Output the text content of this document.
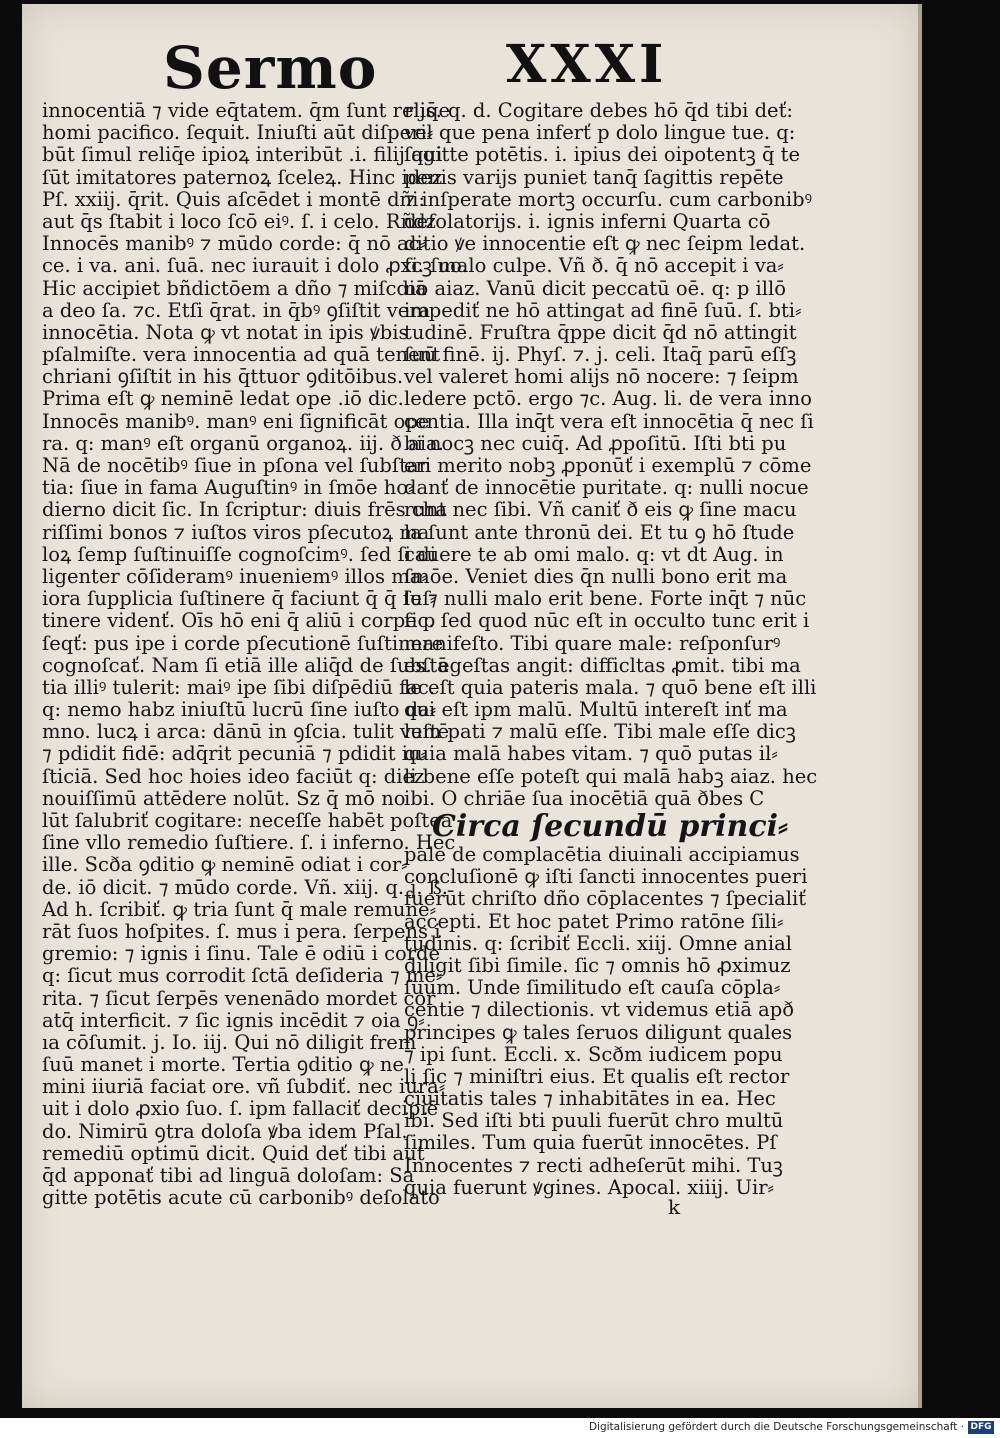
Sermo XXXI
innocentiā ⁊ vide eq̄tatem. q̄m ſunt reliq̄e
homi pacifico. ſequit. Iniuſti aūt diſperi⸗
būt ſimul reliq̄e ipioꝝ interibūt .i. filij qui
ſūt imitatores paternoꝝ ſceleꝝ. Hinc idez
Pſ. xxiij. q̄rit. Quis aſcēdet i montē dñi:
aut q̄s ſtabit i loco ſcō eiꝰ. ſ. i celo. Rñdz
Innocēs manibꝰ ⁊ mūdo corde: q̄ nō ac⸗
ce. i va. ani. ſuā. nec iurauit i dolo ꝓxi. ſuo.
Hic accipiet bñdictōem a dño ⁊ miſcdiā
a deo ſa. ⁊c. Etſi q̄rat. in q̄bꝰ ꝯſiſtit vera
innocētia. Nota ꝙ vt notat in ipis ꝟbis
pſalmiſte. vera innocentia ad quā tenent
chriani ꝯſiſtit in his q̄ttuor ꝯditōibus.
Prima eſt ꝙ neminē ledat ope .iō dic.
Innocēs manibꝰ. manꝰ eni ſignificāt ope
ra. q: manꝰ eſt organū organoꝝ. iij. ð aia.
Nā de nocētibꝰ ſiue in pſona vel ſubſtan
tia: ſiue in fama Auguſtinꝰ in ſmōe ho⸗
dierno dicit ſic. In ſcriptur: diuis frēs cha
riſſimi bonos ⁊ iuſtos viros pſecutoꝝ ma
loꝝ ſemp ſuſtinuiſſe cognoſcimꝰ. ſed ſi di
ligenter cōſideramꝰ inueniemꝰ illos ma⸗
iora ſupplicia ſuſtinere q̄ faciunt q̄ q̄ ſuſ⸗
tinere videnť. Oīs hō eni q̄ aliū i corpe p
ſeqť: pus ipe i corde pſecutionē ſuſtinere
cognoſcať. Nam ſi etiā ille aliq̄d de ſubſtā
tia illiꝰ tulerit: maiꝰ ipe ſibi diſpēdiū fac.
q: nemo habz iniuſtū lucrū ſine iuſto da⸗
mno. lucꝝ i arca: dānū in ꝯſcia. tulit veſtē
⁊ pdidit fidē: adq̄rit pecuniā ⁊ pdidit iu⸗
ſticiā. Sed hoc hoies ideo faciūt q: diez
nouiſſimū attēdere nolūt. Sz q̄ mō no
lūt ſalubriť cogitare: neceſſe habēt poſtea
ſine vllo remedio ſuſtiere. ſ. i inferno. Hec
ille. Scða ꝯditio ꝙ neminē odiat i cor⸗
de. iō dicit. ⁊ mūdo corde. Vñ. xiij. q. j. ß.
Ad h. ſcribiť. ꝙ tria ſunt q̄ male remune⸗
rāt ſuos hoſpites. ſ. mus i pera. ſerpens i
gremio: ⁊ ignis i ſinu. Tale ē odiū i corde
q: ſicut mus corrodit ſctā deſideria ⁊ me⸗
rita. ⁊ ſicut ſerpēs venenādo mordet cor
atq̄ interficit. ⁊ ſic ignis incēdit ⁊ oia ꝯ⸗
ıa cōſumit. j. Io. iij. Qui nō diligit frem
ſuū manet i morte. Tertia ꝯditio ꝙ ne
mini iiuriā faciat ore. vñ ſubdiť. nec iura⸗
uit i dolo ꝓxio ſuo. ſ. ipm fallaciť decipiē
do. Nimirū ꝯtra doloſa ꝟba idem Pſal.
remediū optimū dicit. Quid deť tibi aut
q̄d apponať tibi ad linguā doloſam: Sa
gitte potētis acute cū carbonibꝰ deſolato
rijs. q. d. Cogitare debes hō q̄d tibi deť:
vel que pena inferť p dolo lingue tue. q:
ſagitte potētis. i. ipius dei oipotentꝫ q̄ te
penis varijs puniet tanq̄ ſagittis repēte
⁊ inſperate mortꝫ occurſu. cum carbonibꝰ
deſolatorijs. i. ignis inferni Quarta cō
ditio ꝟe innocentie eſt ꝙ nec ſeipm ledat.
ſcꝫ malo culpe. Vñ ð. q̄ nō accepit i va⸗
no aiaz. Vanū dicit peccatū oē. q: p illō
impediť ne hō attingat ad finē ſuū. ſ. bti⸗
tudinē. Fruſtra q̄ppe dicit q̄d nō attingit
ſuū finē. ij. Phyſ. ⁊. j. celi. Itaq̄ parū eſſꝫ
vel valeret homi alijs nō nocere: ⁊ ſeipm
ledere pctō. ergo ⁊c. Aug. li. de vera inno
centia. Illa inq̄t vera eſt innocētia q̄ nec ſi
bi nocꝫ nec cuiq̄. Ad ꝓpoſitū. Iſti bti pu
eri merito nobꝫ ꝓponūť i exemplū ⁊ cōme
danť de innocētie puritate. q: nulli nocue
runt nec ſibi. Vñ caniť ð eis ꝙ ſine macu
la ſunt ante thronū dei. Et tu ꝯ hō ſtude
cauere te ab omi malo. q: vt dt Aug. in
ſmōe. Veniet dies q̄n nulli bono erit ma
le ⁊ nulli malo erit bene. Forte inq̄t ⁊ nūc
ſic. ſed quod nūc eſt in occulto tunc erit i
manifeſto. Tibi quare male: reſponſurꝰ
es. egeſtas angit: difficltas ꝓmit. tibi ma
le eſt quia pateris mala. ⁊ quō bene eſt illi
qui eſt ipm malū. Multū intereſt inť ma
lum pati ⁊ malū eſſe. Tibi male eſſe dicꝫ
quia malā habes vitam. ⁊ quō putas il⸗
li bene eſſe poteſt qui malā habꝫ aiaz. hec
ibi. O chriāe ſua inocētiā quā ðbes C
Circa ſecundū princi⸗
pale de complacētia diuinali accipiamus
concluſionē ꝙ iſti ſancti innocentes pueri
fuerūt chriſto dño cōplacentes ⁊ ſpecialiť
accepti. Et hoc patet Primo ratōne ſili⸗
tudinis. q: ſcribiť Eccli. xiij. Omne anial
diligit ſibi ſimile. ſic ⁊ omnis hō ꝓximuz
ſuum. Unde ſimilitudo eſt cauſa cōpla⸗
centie ⁊ dilectionis. vt videmus etiā apð
principes ꝙ tales ſeruos diligunt quales
⁊ ipi ſunt. Eccli. x. Scðm iudicem popu
li ſic ⁊ miniſtri eius. Et qualis eſt rector
ciuitatis tales ⁊ inhabitātes in ea. Hec
ibi. Sed iſti bti puuli fuerūt chro multū
ſimiles. Tum quia fuerūt innocētes. Pſ
Innocentes ⁊ recti adheſerūt mihi. Tuꝫ
quia fuerunt ꝟgines. Apocal. xiiij. Uir⸗
k
Digitalisierung gefördert durch die Deutsche Forschungsgemeinschaft · DFG
